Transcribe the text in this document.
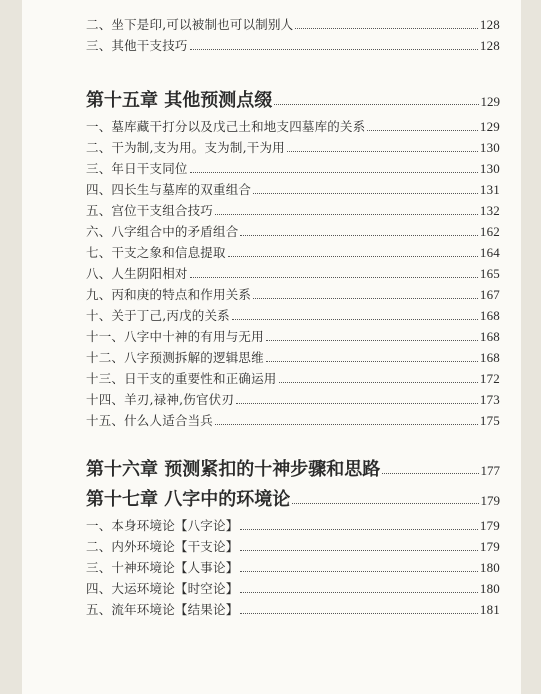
二、坐下是印,可以被制也可以制别人	128
三、其他干支技巧	128
第十五章 其他预测点缀	129
一、墓库藏干打分以及戊己土和地支四墓库的关系	129
二、干为制,支为用。支为制,干为用	130
三、年日干支同位	130
四、四长生与墓库的双重组合	131
五、宫位干支组合技巧	132
六、八字组合中的矛盾组合	162
七、干支之象和信息提取	164
八、人生阴阳相对	165
九、丙和庚的特点和作用关系	167
十、关于丁己,丙戊的关系	168
十一、八字中十神的有用与无用	168
十二、八字预测拆解的逻辑思维	168
十三、日干支的重要性和正确运用	172
十四、羊刃,禄神,伤官伏刃	173
十五、什么人适合当兵	175
第十六章 预测紧扣的十神步骤和思路	177
第十七章 八字中的环境论	179
一、本身环境论【八字论】	179
二、内外环境论【干支论】	179
三、十神环境论【人事论】	180
四、大运环境论【时空论】	180
五、流年环境论【结果论】	181
